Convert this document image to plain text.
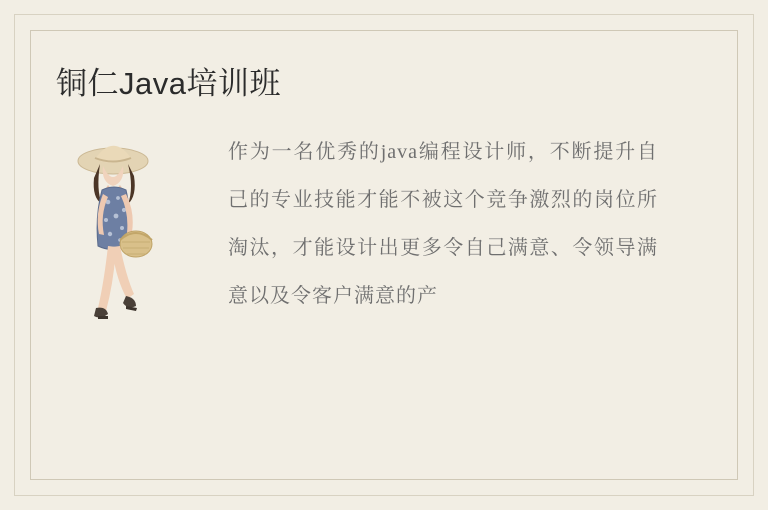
铜仁Java培训班
作为一名优秀的java编程设计师，不断提升自己的专业技能才能不被这个竞争激烈的岗位所淘汰，才能设计出更多令自己满意、令领导满意以及令客户满意的产
